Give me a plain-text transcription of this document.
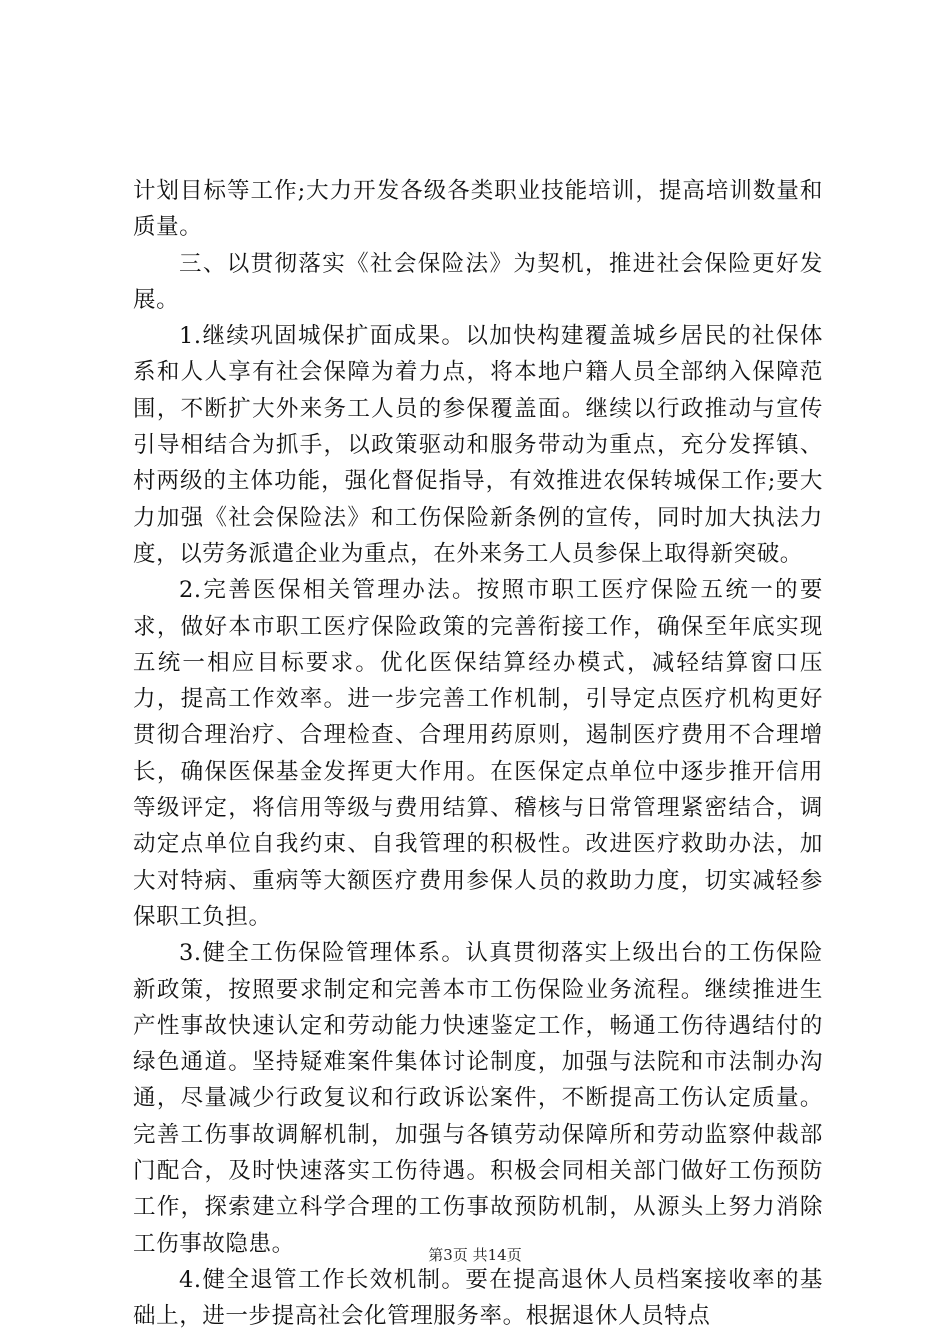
计划目标等工作;大力开发各级各类职业技能培训，提高培训数量和质量。

三、以贯彻落实《社会保险法》为契机，推进社会保险更好发展。

1.继续巩固城保扩面成果。以加快构建覆盖城乡居民的社保体系和人人享有社会保障为着力点，将本地户籍人员全部纳入保障范围，不断扩大外来务工人员的参保覆盖面。继续以行政推动与宣传引导相结合为抓手，以政策驱动和服务带动为重点，充分发挥镇、村两级的主体功能，强化督促指导，有效推进农保转城保工作;要大力加强《社会保险法》和工伤保险新条例的宣传，同时加大执法力度，以劳务派遣企业为重点，在外来务工人员参保上取得新突破。

2.完善医保相关管理办法。按照市职工医疗保险五统一的要求，做好本市职工医疗保险政策的完善衔接工作，确保至年底实现五统一相应目标要求。优化医保结算经办模式，减轻结算窗口压力，提高工作效率。进一步完善工作机制，引导定点医疗机构更好贯彻合理治疗、合理检查、合理用药原则，遏制医疗费用不合理增长，确保医保基金发挥更大作用。在医保定点单位中逐步推开信用等级评定，将信用等级与费用结算、稽核与日常管理紧密结合，调动定点单位自我约束、自我管理的积极性。改进医疗救助办法，加大对特病、重病等大额医疗费用参保人员的救助力度，切实减轻参保职工负担。

3.健全工伤保险管理体系。认真贯彻落实上级出台的工伤保险新政策，按照要求制定和完善本市工伤保险业务流程。继续推进生产性事故快速认定和劳动能力快速鉴定工作，畅通工伤待遇结付的绿色通道。坚持疑难案件集体讨论制度，加强与法院和市法制办沟通，尽量减少行政复议和行政诉讼案件，不断提高工伤认定质量。完善工伤事故调解机制，加强与各镇劳动保障所和劳动监察仲裁部门配合，及时快速落实工伤待遇。积极会同相关部门做好工伤预防工作，探索建立科学合理的工伤事故预防机制，从源头上努力消除工伤事故隐患。

4.健全退管工作长效机制。要在提高退休人员档案接收率的基础上，进一步提高社会化管理服务率。根据退休人员特点

第3页 共14页
